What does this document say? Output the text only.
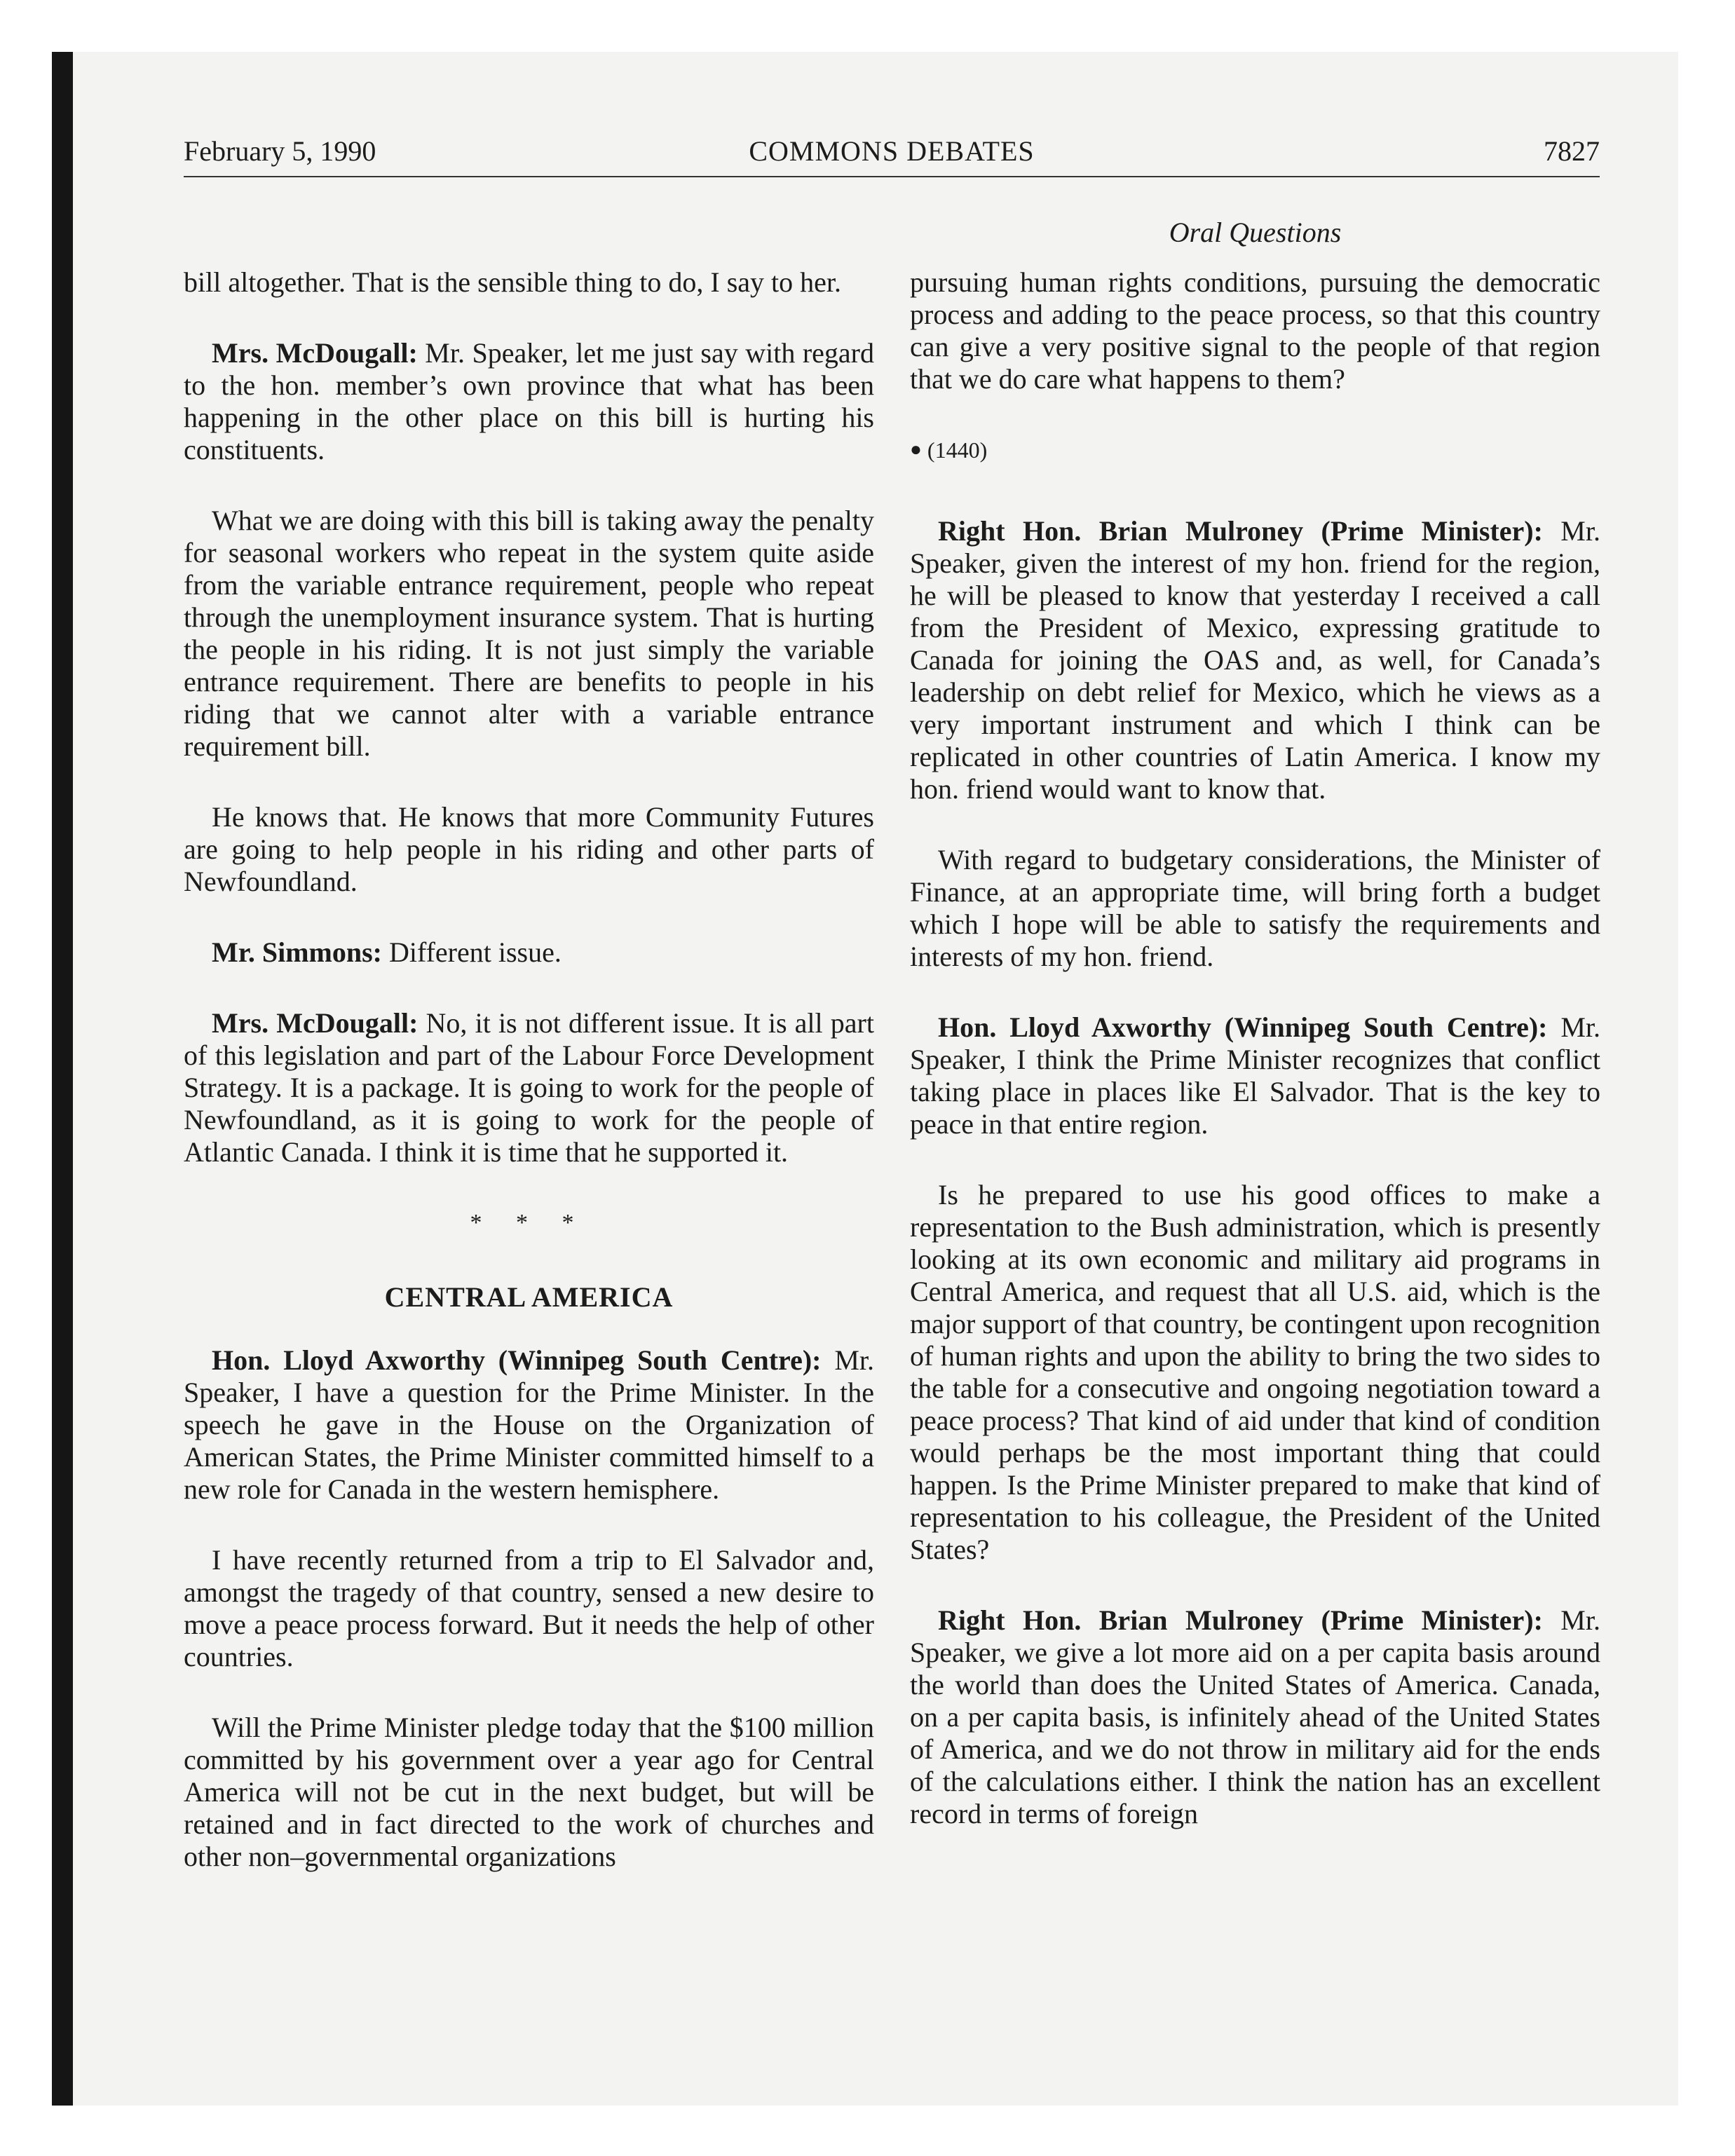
February 5, 1990	COMMONS DEBATES	7827
Oral Questions

bill altogether. That is the sensible thing to do, I say to her.

Mrs. McDougall: Mr. Speaker, let me just say with regard to the hon. member’s own province that what has been happening in the other place on this bill is hurting his constituents.

What we are doing with this bill is taking away the penalty for seasonal workers who repeat in the system quite aside from the variable entrance requirement, people who repeat through the unemployment insurance system. That is hurting the people in his riding. It is not just simply the variable entrance requirement. There are benefits to people in his riding that we cannot alter with a variable entrance requirement bill.

He knows that. He knows that more Community Futures are going to help people in his riding and other parts of Newfoundland.

Mr. Simmons: Different issue.

Mrs. McDougall: No, it is not different issue. It is all part of this legislation and part of the Labour Force Development Strategy. It is a package. It is going to work for the people of Newfoundland, as it is going to work for the people of Atlantic Canada. I think it is time that he supported it.

* * *
CENTRAL AMERICA

Hon. Lloyd Axworthy (Winnipeg South Centre): Mr. Speaker, I have a question for the Prime Minister. In the speech he gave in the House on the Organization of American States, the Prime Minister committed himself to a new role for Canada in the western hemisphere.

I have recently returned from a trip to El Salvador and, amongst the tragedy of that country, sensed a new desire to move a peace process forward. But it needs the help of other countries.

Will the Prime Minister pledge today that the $100 million committed by his government over a year ago for Central America will not be cut in the next budget, but will be retained and in fact directed to the work of churches and other non–governmental organizations

pursuing human rights conditions, pursuing the democratic process and adding to the peace process, so that this country can give a very positive signal to the people of that region that we do care what happens to them?

● (1440)

Right Hon. Brian Mulroney (Prime Minister): Mr. Speaker, given the interest of my hon. friend for the region, he will be pleased to know that yesterday I received a call from the President of Mexico, expressing gratitude to Canada for joining the OAS and, as well, for Canada’s leadership on debt relief for Mexico, which he views as a very important instrument and which I think can be replicated in other countries of Latin America. I know my hon. friend would want to know that.

With regard to budgetary considerations, the Minister of Finance, at an appropriate time, will bring forth a budget which I hope will be able to satisfy the requirements and interests of my hon. friend.

Hon. Lloyd Axworthy (Winnipeg South Centre): Mr. Speaker, I think the Prime Minister recognizes that conflict taking place in places like El Salvador. That is the key to peace in that entire region.

Is he prepared to use his good offices to make a representation to the Bush administration, which is presently looking at its own economic and military aid programs in Central America, and request that all U.S. aid, which is the major support of that country, be contingent upon recognition of human rights and upon the ability to bring the two sides to the table for a consecutive and ongoing negotiation toward a peace process? That kind of aid under that kind of condition would perhaps be the most important thing that could happen. Is the Prime Minister prepared to make that kind of representation to his colleague, the President of the United States?

Right Hon. Brian Mulroney (Prime Minister): Mr. Speaker, we give a lot more aid on a per capita basis around the world than does the United States of America. Canada, on a per capita basis, is infinitely ahead of the United States of America, and we do not throw in military aid for the ends of the calculations either. I think the nation has an excellent record in terms of foreign
